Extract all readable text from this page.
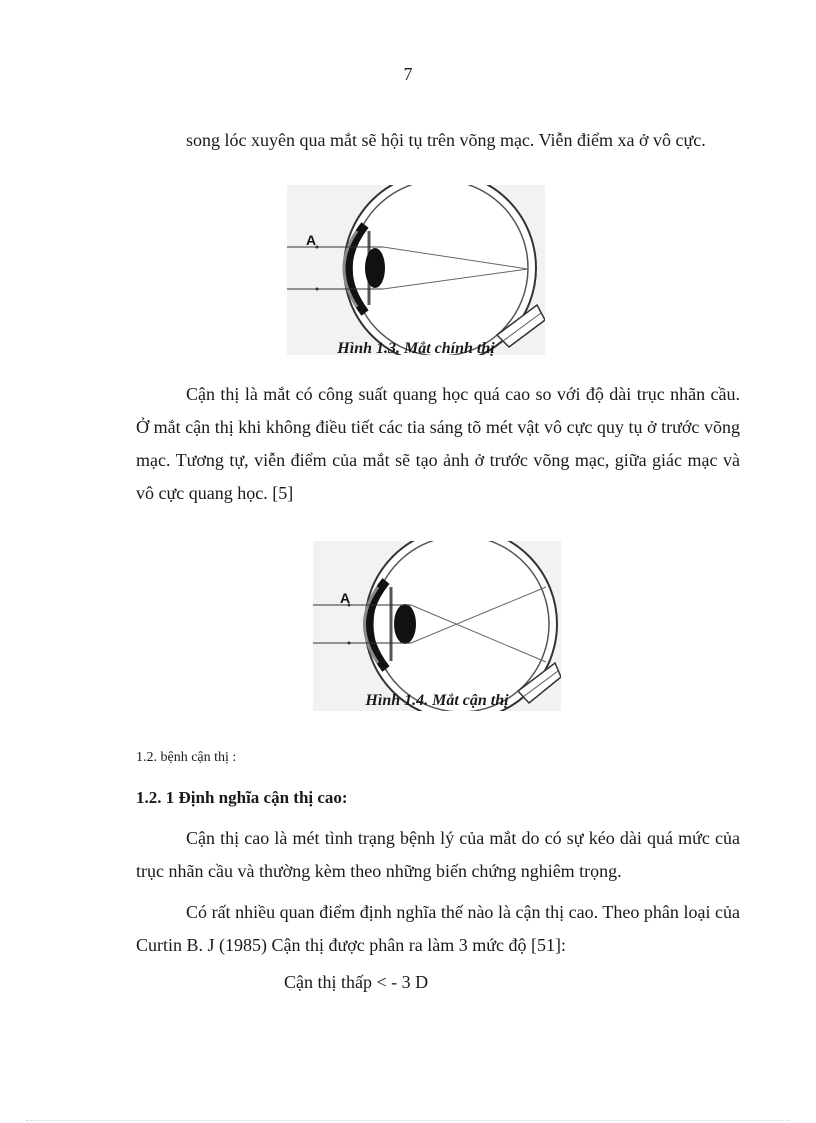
7

song lóc xuyên qua mắt sẽ hội tụ trên võng mạc. Viễn điểm xa ở vô cực.

A
Hình 1.3. Mắt chính thị

Cận thị là mắt có công suất quang học quá cao so với độ dài trục nhãn cầu. Ở mắt cận thị khi không điều tiết các tia sáng tõ mét vật vô cực quy tụ ở trước võng mạc. Tương tự, viễn điểm của mắt sẽ tạo ảnh ở trước võng mạc, giữa giác mạc và vô cực quang học. [5]

A
Hình 1.4. Mắt cận thị

1.2. bệnh cận thị :

1.2. 1 Định nghĩa cận thị cao:

Cận thị cao là mét tình trạng bệnh lý của mắt do có sự kéo dài quá mức của trục nhãn cầu và thường kèm theo những biến chứng nghiêm trọng.

Có rất nhiều quan điểm định nghĩa thế nào là cận thị cao. Theo phân loại của Curtin B. J (1985) Cận thị được phân ra làm 3 mức độ [51]:

Cận thị thấp < - 3 D
